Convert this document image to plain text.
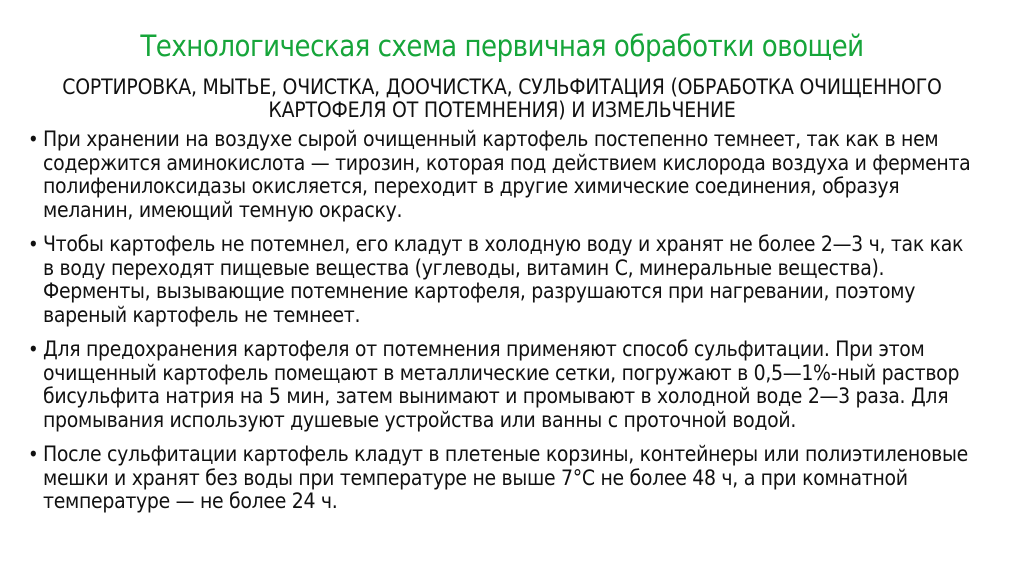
Технологическая схема первичная обработки овощей

СОРТИРОВКА, МЫТЬЕ, ОЧИСТКА, ДООЧИСТКА, СУЛЬФИТАЦИЯ (ОБРАБОТКА ОЧИЩЕННОГО КАРТОФЕЛЯ ОТ ПОТЕМНЕНИЯ) И ИЗМЕЛЬЧЕНИЕ

• При хранении на воздухе сырой очищенный картофель постепенно темнеет, так как в нем содержится аминокислота — тирозин, которая под действием кислорода воздуха и фермента полифенилоксидазы окисляется, переходит в другие химические соединения, образуя меланин, имеющий темную окраску.
• Чтобы картофель не потемнел, его кладут в холодную воду и хранят не более 2—3 ч, так как в воду переходят пищевые вещества (углеводы, витамин С, минеральные вещества). Ферменты, вызывающие потемнение картофеля, разрушаются при нагревании, поэтому вареный картофель не темнеет.
• Для предохранения картофеля от потемнения применяют способ сульфитации. При этом очищенный картофель помещают в металлические сетки, погружают в 0,5—1%-ный раствор бисульфита натрия на 5 мин, затем вынимают и промывают в холодной воде 2—3 раза. Для промывания используют душевые устройства или ванны с проточной водой.
• После сульфитации картофель кладут в плетеные корзины, контейнеры или полиэтиленовые мешки и хранят без воды при температуре не выше 7°С не более 48 ч, а при комнатной температуре — не более 24 ч.
